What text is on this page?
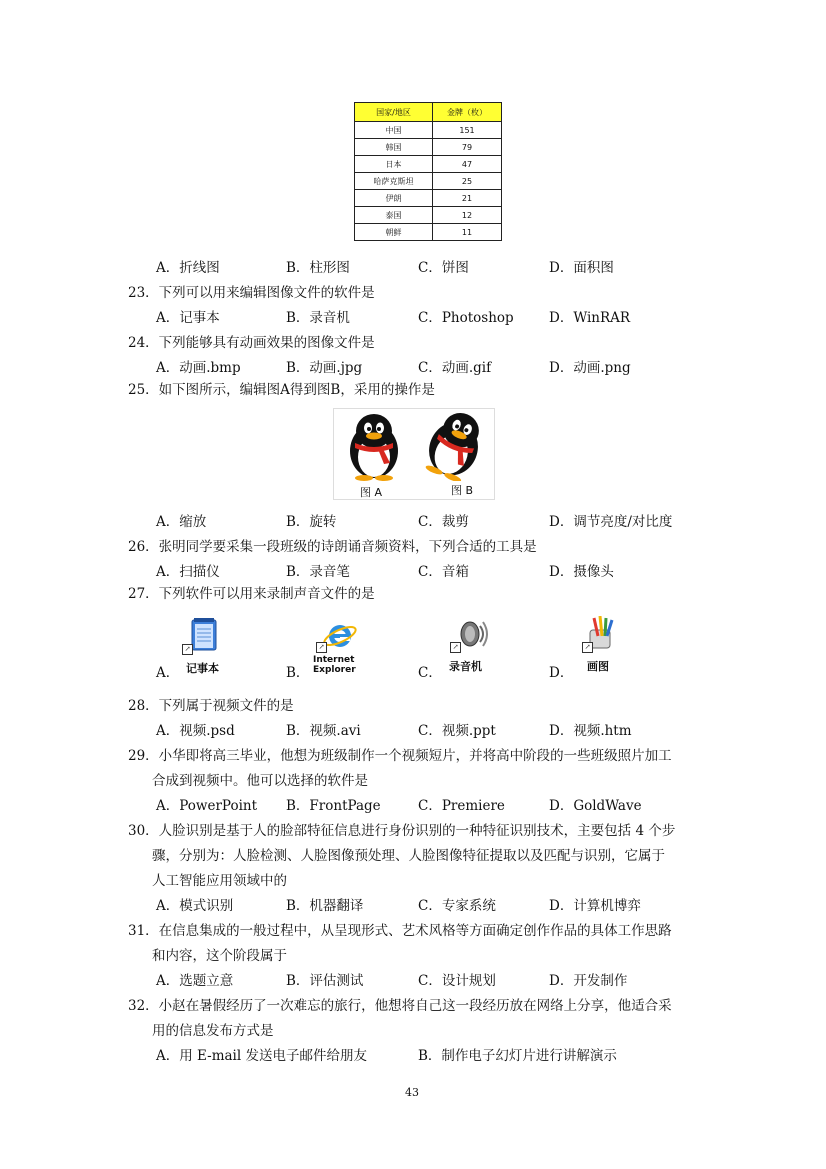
国家/地区	金牌（枚）
中国	151
韩国	79
日本	47
哈萨克斯坦	25
伊朗	21
泰国	12
朝鲜	11
A．折线图	B．柱形图	C．饼图	D．面积图
23．下列可以用来编辑图像文件的软件是
A．记事本	B．录音机	C．Photoshop	D．WinRAR
24．下列能够具有动画效果的图像文件是
A．动画.bmp	B．动画.jpg	C．动画.gif	D．动画.png
25．如下图所示，编辑图A得到图B，采用的操作是
图 A	图 B
A．缩放	B．旋转	C．裁剪	D．调节亮度/对比度
26．张明同学要采集一段班级的诗朗诵音频资料，下列合适的工具是
A．扫描仪	B．录音笔	C．音箱	D．摄像头
27．下列软件可以用来录制声音文件的是
A．
↗
记事本	B．
↗
Internet
Explorer	C．
↗
录音机	D．
↗
画图
28．下列属于视频文件的是
A．视频.psd	B．视频.avi	C．视频.ppt	D．视频.htm
29．小华即将高三毕业，他想为班级制作一个视频短片，并将高中阶段的一些班级照片加工
合成到视频中。他可以选择的软件是
A．PowerPoint B．FrontPage	C．Premiere	D．GoldWave
30．人脸识别是基于人的脸部特征信息进行身份识别的一种特征识别技术，主要包括 4 个步
骤，分别为：人脸检测、人脸图像预处理、人脸图像特征提取以及匹配与识别，它属于
人工智能应用领域中的
A．模式识别	B．机器翻译	C．专家系统	D．计算机博弈
31．在信息集成的一般过程中，从呈现形式、艺术风格等方面确定创作作品的具体工作思路
和内容，这个阶段属于
A．选题立意	B．评估测试	C．设计规划	D．开发制作
32．小赵在暑假经历了一次难忘的旅行，他想将自己这一段经历放在网络上分享，他适合采
用的信息发布方式是
A．用 E-mail 发送电子邮件给朋友	B．制作电子幻灯片进行讲解演示
43
